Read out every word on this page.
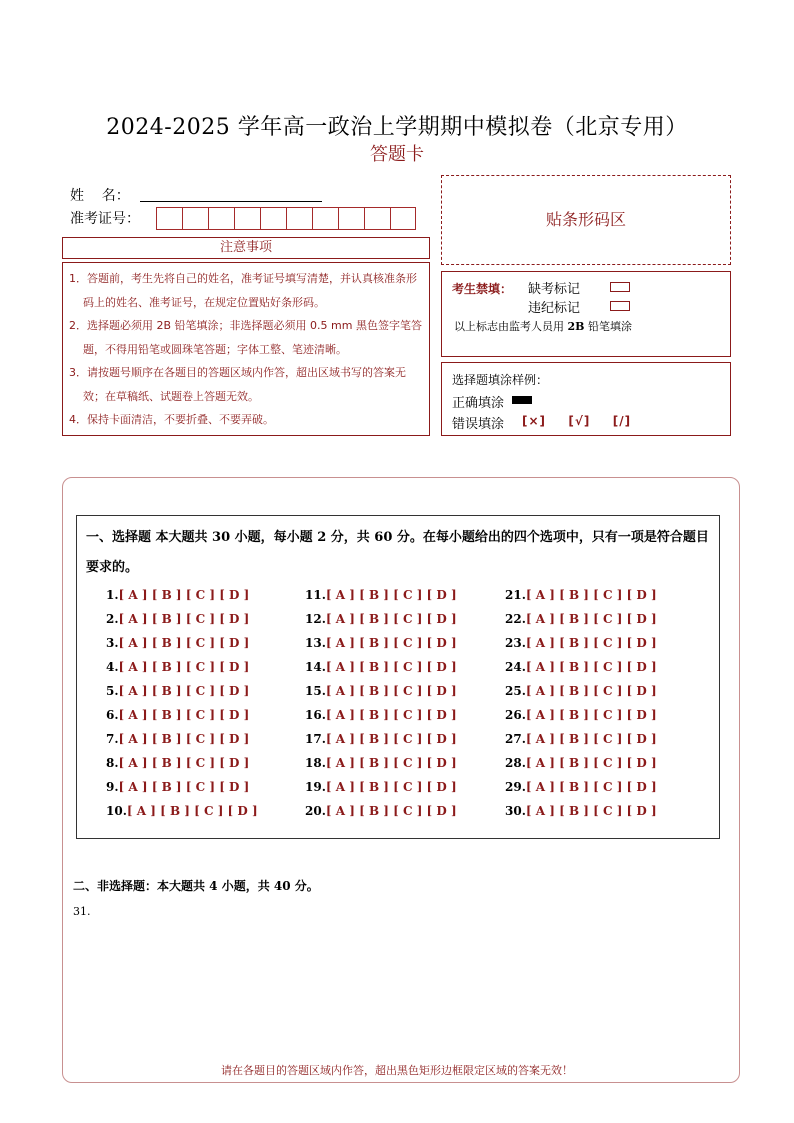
2024-2025 学年高一政治上学期期中模拟卷（北京专用）
答题卡
姓    名：
准考证号：
注意事项
1．答题前，考生先将自己的姓名，准考证号填写清楚，并认真核准条形码上的姓名、准考证号，在规定位置贴好条形码。
2．选择题必须用 2B 铅笔填涂；非选择题必须用 0.5 mm 黑色签字笔答题，不得用铅笔或圆珠笔答题；字体工整、笔迹清晰。
3．请按题号顺序在各题目的答题区域内作答，超出区域书写的答案无效；在草稿纸、试题卷上答题无效。
4．保持卡面清洁，不要折叠、不要弄破。
贴条形码区
考生禁填： 缺考标记
违纪标记
以上标志由监考人员用 2B 铅笔填涂
选择题填涂样例：
正确填涂
错误填涂 [×]  [√]  [/]
一、选择题 本大题共 30 小题，每小题 2 分，共 60 分。在每小题给出的四个选项中，只有一项是符合题目要求的。
1.[ A ] [ B ] [ C ] [ D ]
2.[ A ] [ B ] [ C ] [ D ]
3.[ A ] [ B ] [ C ] [ D ]
4.[ A ] [ B ] [ C ] [ D ]
5.[ A ] [ B ] [ C ] [ D ]
6.[ A ] [ B ] [ C ] [ D ]
7.[ A ] [ B ] [ C ] [ D ]
8.[ A ] [ B ] [ C ] [ D ]
9.[ A ] [ B ] [ C ] [ D ]
10.[ A ] [ B ] [ C ] [ D ]
11.[ A ] [ B ] [ C ] [ D ]
12.[ A ] [ B ] [ C ] [ D ]
13.[ A ] [ B ] [ C ] [ D ]
14.[ A ] [ B ] [ C ] [ D ]
15.[ A ] [ B ] [ C ] [ D ]
16.[ A ] [ B ] [ C ] [ D ]
17.[ A ] [ B ] [ C ] [ D ]
18.[ A ] [ B ] [ C ] [ D ]
19.[ A ] [ B ] [ C ] [ D ]
20.[ A ] [ B ] [ C ] [ D ]
21.[ A ] [ B ] [ C ] [ D ]
22.[ A ] [ B ] [ C ] [ D ]
23.[ A ] [ B ] [ C ] [ D ]
24.[ A ] [ B ] [ C ] [ D ]
25.[ A ] [ B ] [ C ] [ D ]
26.[ A ] [ B ] [ C ] [ D ]
27.[ A ] [ B ] [ C ] [ D ]
28.[ A ] [ B ] [ C ] [ D ]
29.[ A ] [ B ] [ C ] [ D ]
30.[ A ] [ B ] [ C ] [ D ]
二、非选择题：本大题共 4 小题，共 40 分。
31.
请在各题目的答题区域内作答，超出黑色矩形边框限定区域的答案无效！
